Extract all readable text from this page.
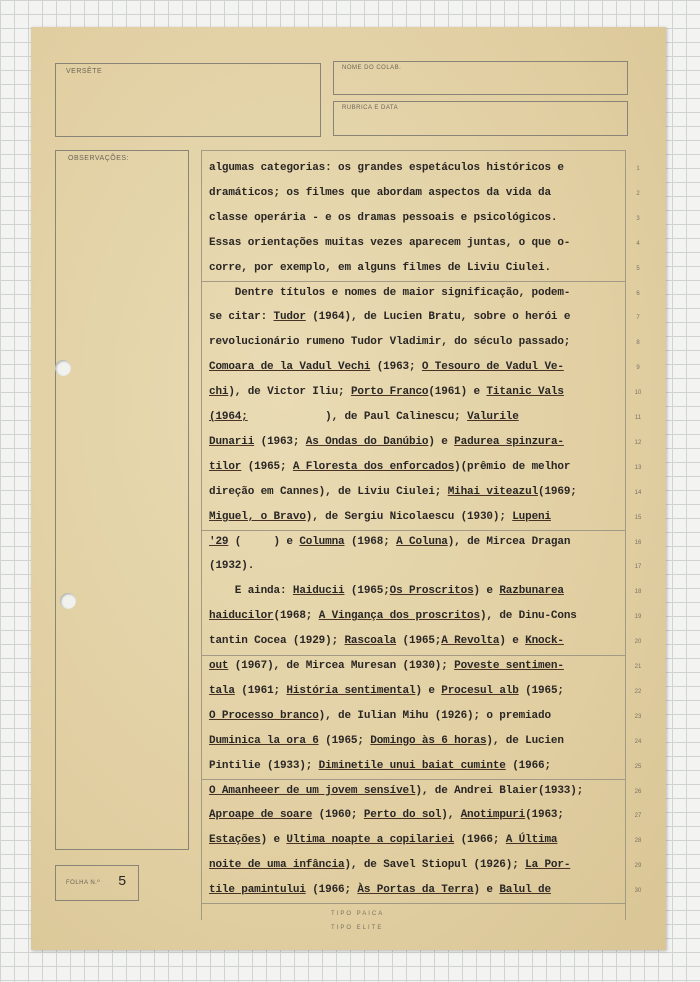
VERSÊTE	NOME DO COLAB.
RUBRICA E DATA
OBSERVAÇÕES:
FOLHA N.º 5
TIPO PAICA
TIPO ELITE
algumas categorias: os grandes espetáculos históricos e
dramáticos; os filmes que abordam aspectos da vida da
classe operária - e os dramas pessoais e psicológicos.
Essas orientações muitas vezes aparecem juntas, o que o-
corre, por exemplo, em alguns filmes de Liviu Ciulei.
Dentre títulos e nomes de maior significação, podem-
se citar: Tudor (1964), de Lucien Bratu, sobre o herói e
revolucionário rumeno Tudor Vladimir, do século passado;
Comoara de la Vadul Vechi (1963; O Tesouro de Vadul Ve-
chi), de Victor Iliu; Porto Franco(1961) e Titanic Vals
(1964;            ), de Paul Calinescu; Valurile
Dunarii (1963; As Ondas do Danúbio) e Padurea spinzura-
tilor (1965; A Floresta dos enforcados)(prêmio de melhor
direção em Cannes), de Liviu Ciulei; Mihai viteazul(1969;
Miguel, o Bravo), de Sergiu Nicolaescu (1930); Lupeni
'29 (     ) e Columna (1968; A Coluna), de Mircea Dragan
(1932).
E ainda: Haiducii (1965;Os Proscritos) e Razbunarea
haiducilor(1968; A Vingança dos proscritos), de Dinu-Cons
tantin Cocea (1929); Rascoala (1965;A Revolta) e Knock-
out (1967), de Mircea Muresan (1930); Poveste sentimen-
tala (1961; História sentimental) e Procesul alb (1965;
O Processo branco), de Iulian Mihu (1926); o premiado
Duminica la ora 6 (1965; Domingo às 6 horas), de Lucien
Pintilie (1933); Diminetile unui baiat cuminte (1966;
O Amanheeer de um jovem sensível), de Andrei Blaier(1933);
Aproape de soare (1960; Perto do sol), Anotimpuri(1963;
Estações) e Ultima noapte a copilariei (1966; A Última
noite de uma infância), de Savel Stiopul (1926); La Por-
tile pamintului (1966; Às Portas da Terra) e Balul de
1
2
3
4
5
6
7
8
9
10
11
12
13
14
15
16
17
18
19
20
21
22
23
24
25
26
27
28
29
30
